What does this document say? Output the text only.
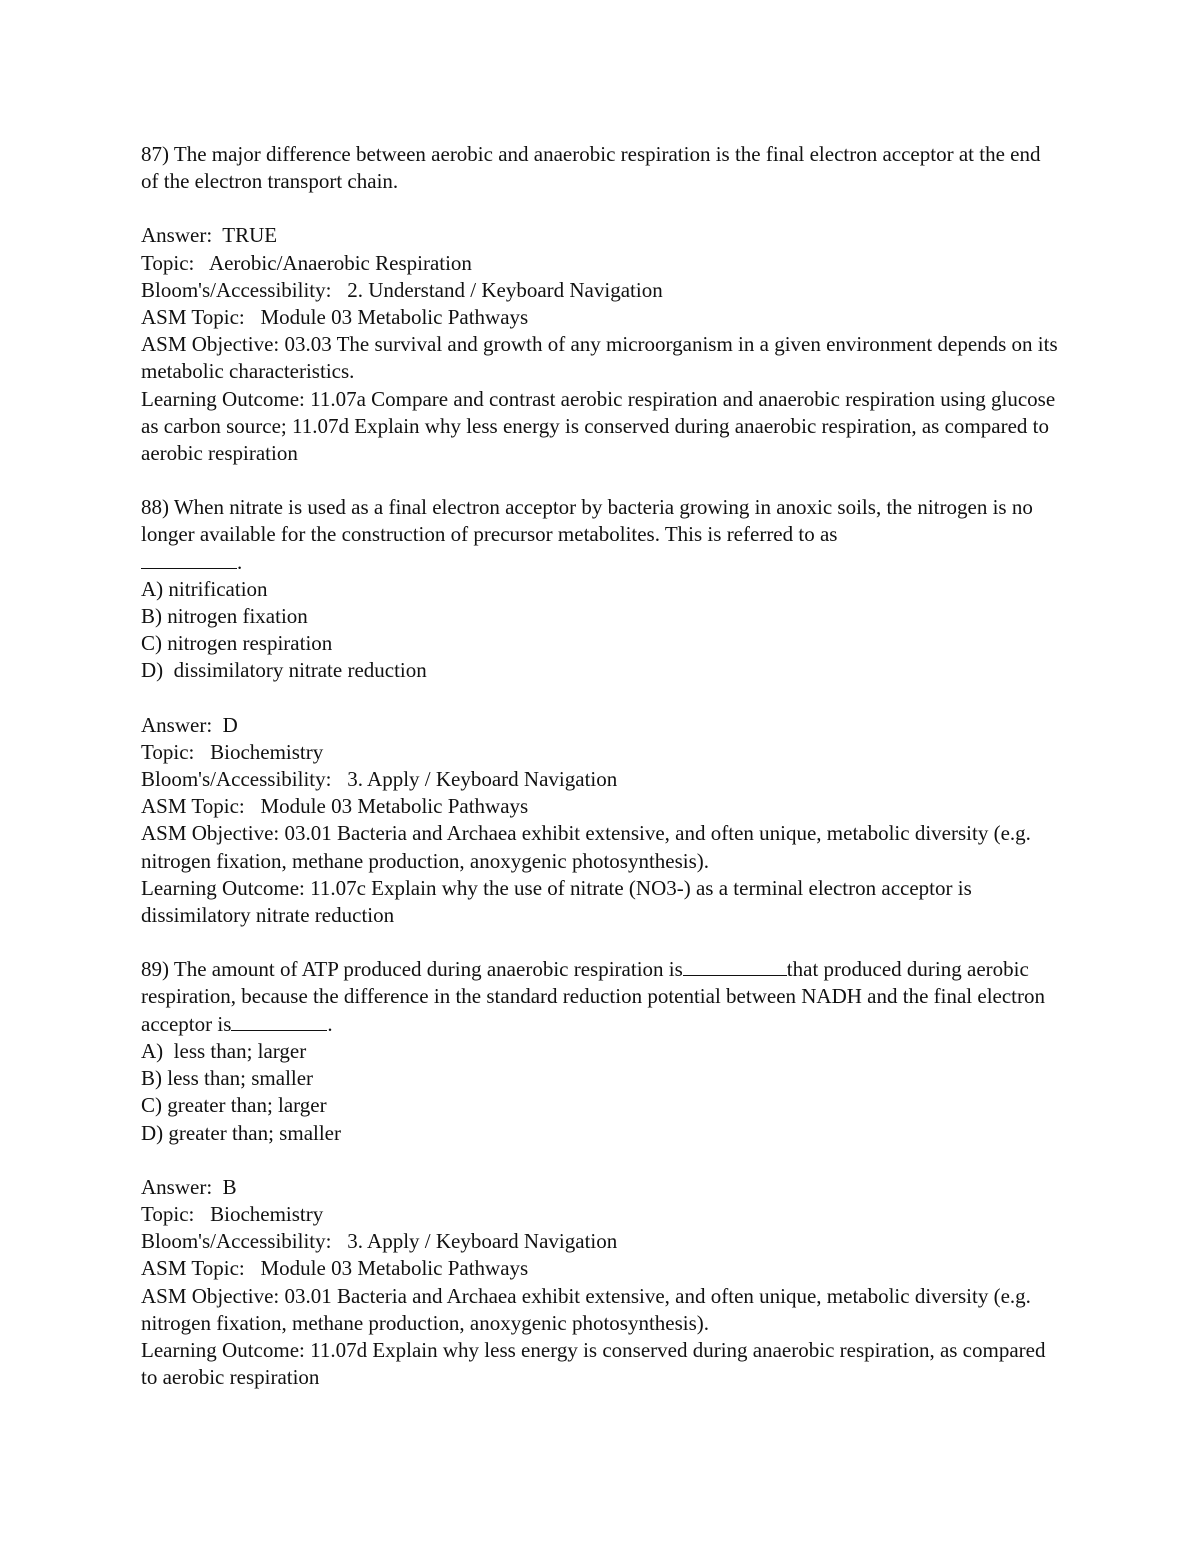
87) The major difference between aerobic and anaerobic respiration is the final electron acceptor at the end of the electron transport chain.
Answer:  TRUE
Topic:   Aerobic/Anaerobic Respiration
Bloom's/Accessibility:   2. Understand / Keyboard Navigation
ASM Topic:   Module 03 Metabolic Pathways
ASM Objective: 03.03 The survival and growth of any microorganism in a given environment depends on its metabolic characteristics.
Learning Outcome: 11.07a Compare and contrast aerobic respiration and anaerobic respiration using glucose as carbon source; 11.07d Explain why less energy is conserved during anaerobic respiration, as compared to aerobic respiration
88) When nitrate is used as a final electron acceptor by bacteria growing in anoxic soils, the nitrogen is no longer available for the construction of precursor metabolites. This is referred to as
.
A) nitrification
B) nitrogen fixation
C) nitrogen respiration
D)  dissimilatory nitrate reduction
Answer:  D
Topic:   Biochemistry
Bloom's/Accessibility:   3. Apply / Keyboard Navigation
ASM Topic:   Module 03 Metabolic Pathways
ASM Objective: 03.01 Bacteria and Archaea exhibit extensive, and often unique, metabolic diversity (e.g. nitrogen fixation, methane production, anoxygenic photosynthesis).
Learning Outcome: 11.07c Explain why the use of nitrate (NO3-) as a terminal electron acceptor is dissimilatory nitrate reduction
89) The amount of ATP produced during anaerobic respiration is	that produced during aerobic respiration, because the difference in the standard reduction potential between NADH and the final electron acceptor is	.
A)  less than; larger
B) less than; smaller
C) greater than; larger
D) greater than; smaller
Answer:  B
Topic:   Biochemistry
Bloom's/Accessibility:   3. Apply / Keyboard Navigation
ASM Topic:   Module 03 Metabolic Pathways
ASM Objective: 03.01 Bacteria and Archaea exhibit extensive, and often unique, metabolic diversity (e.g. nitrogen fixation, methane production, anoxygenic photosynthesis).
Learning Outcome: 11.07d Explain why less energy is conserved during anaerobic respiration, as compared to aerobic respiration
